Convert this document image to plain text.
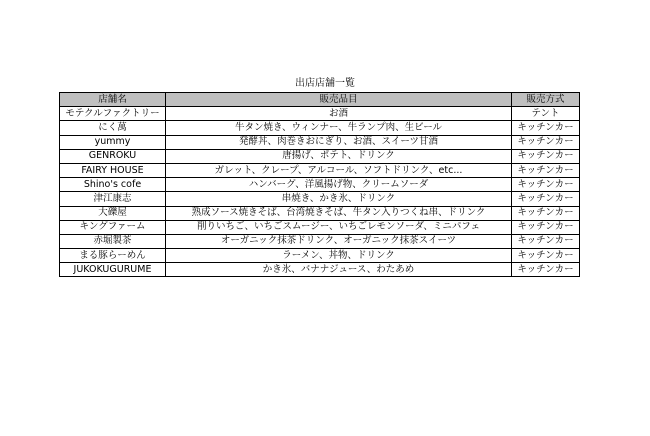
出店店舗一覧
店舗名	販売品目	販売方式
モテクルファクトリー	お酒	テント
にく萬	牛タン焼き、ウィンナー、牛ランプ肉、生ビール	キッチンカー
yummy	発酵丼、肉巻きおにぎり、お酒、スイーツ甘酒	キッチンカー
GENROKU	唐揚げ、ポテト、ドリンク	キッチンカー
FAIRY HOUSE	ガレット、クレープ、アルコール、ソフトドリンク、etc...	キッチンカー
Shino's cofe	ハンバーグ、洋風揚げ物、クリームソーダ	キッチンカー
津江康志	串焼き、かき氷、ドリンク	キッチンカー
大礫屋	熟成ソース焼きそば、台湾焼きそば、牛タン入りつくね串、ドリンク	キッチンカー
キングファーム	削りいちご、いちごスムージー、いちごレモンソーダ、ミニパフェ	キッチンカー
赤堀製茶	オーガニック抹茶ドリンク、オーガニック抹茶スイーツ	キッチンカー
まる豚らーめん	ラーメン、丼物、ドリンク	キッチンカー
JUKOKUGURUME	かき氷、バナナジュース、わたあめ	キッチンカー
